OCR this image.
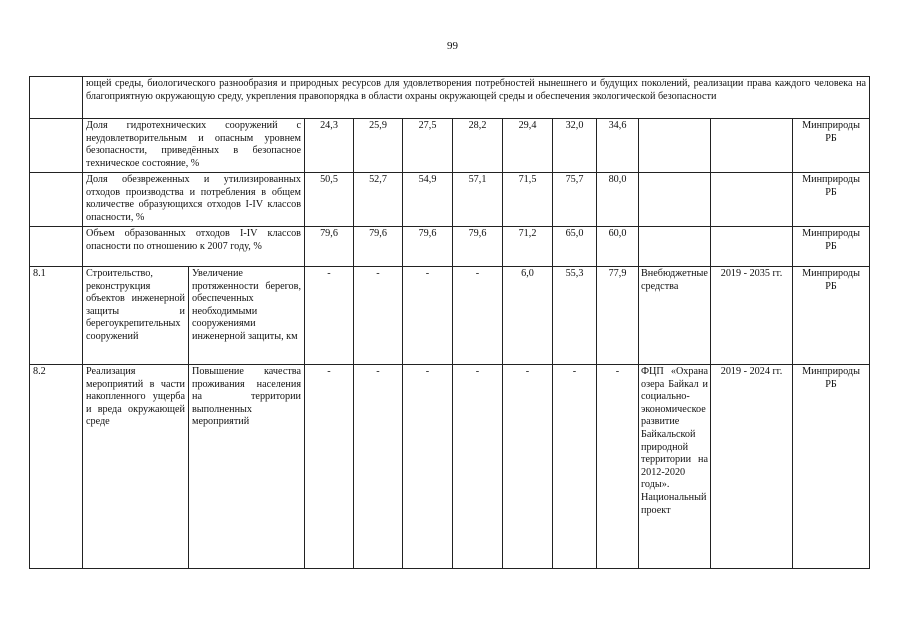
99
	ющей среды, биологического разнообразия и природных ресурсов для удовлетворения потребностей нынешнего и будущих поколений, реализации права каждого человека на благоприятную окружающую среду, укрепления правопорядка в области охраны окружающей среды и обеспечения экологической безопасности											
	Доля гидротехнических сооружений с неудовлетворительным и опасным уровнем безопасности, приведённых в безопасное техническое состояние, %		24,3	25,9	27,5	28,2	29,4	32,0	34,6			Минприроды РБ
	Доля обезвреженных и утилизированных отходов производства и потребления в общем количестве образующихся отходов I-IV классов опасности, %		50,5	52,7	54,9	57,1	71,5	75,7	80,0			Минприроды РБ
	Объем образованных отходов I-IV классов опасности по отношению к 2007 году, %		79,6	79,6	79,6	79,6	71,2	65,0	60,0			Минприроды РБ
8.1	Строительство, реконструкция объектов инженерной защиты и берегоукрепительных сооружений	Увеличение протяженности берегов, обеспеченных необходимыми сооружениями инженерной защиты, км	-	-	-	-	6,0	55,3	77,9	Внебюджетные средства	2019 - 2035 гг.	Минприроды РБ
8.2	Реализация мероприятий в части накопленного ущерба и вреда окружающей среде	Повышение качества проживания населения на территории выполненных мероприятий	-	-	-	-	-	-	-	ФЦП «Охрана озера Байкал и социально-экономическое развитие Байкальской природной территории на 2012-2020 годы». Национальный проект	2019 - 2024 гг.	Минприроды РБ
